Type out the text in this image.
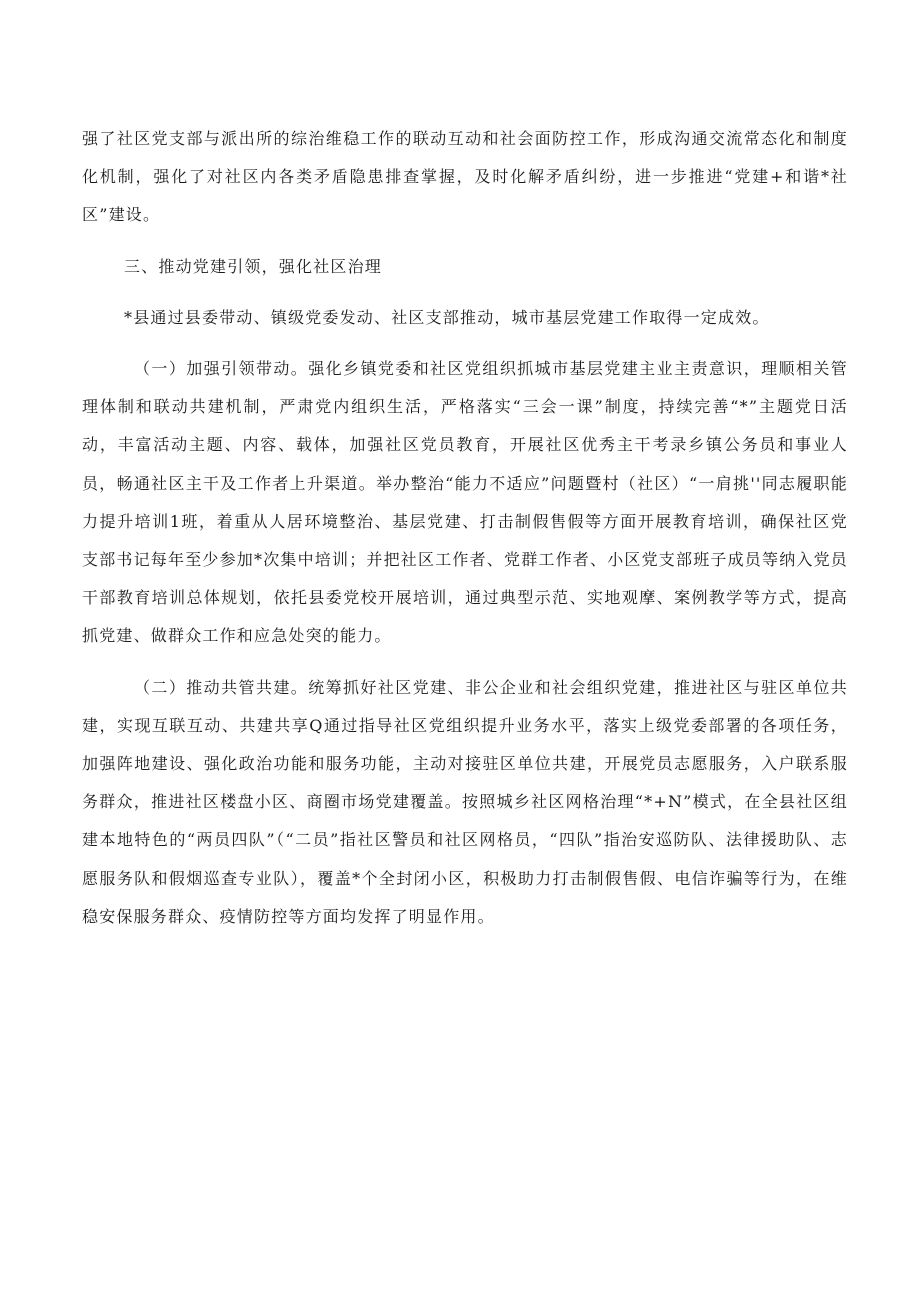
强了社区党支部与派出所的综治维稳工作的联动互动和社会面防控工作，形成沟通交流常态化和制度化机制，强化了对社区内各类矛盾隐患排查掌握，及时化解矛盾纠纷，进一步推进“党建+和谐*社区”建设。

三、推动党建引领，强化社区治理

*县通过县委带动、镇级党委发动、社区支部推动，城市基层党建工作取得一定成效。

（一）加强引领带动。强化乡镇党委和社区党组织抓城市基层党建主业主责意识，理顺相关管理体制和联动共建机制，严肃党内组织生活，严格落实“三会一课”制度，持续完善“*”主题党日活动，丰富活动主题、内容、载体，加强社区党员教育，开展社区优秀主干考录乡镇公务员和事业人员，畅通社区主干及工作者上升渠道。举办整治“能力不适应”问题暨村（社区）“一肩挑''同志履职能力提升培训1班，着重从人居环境整治、基层党建、打击制假售假等方面开展教育培训，确保社区党支部书记每年至少参加*次集中培训；并把社区工作者、党群工作者、小区党支部班子成员等纳入党员干部教育培训总体规划，依托县委党校开展培训，通过典型示范、实地观摩、案例教学等方式，提高抓党建、做群众工作和应急处突的能力。

（二）推动共管共建。统筹抓好社区党建、非公企业和社会组织党建，推进社区与驻区单位共建，实现互联互动、共建共享Q通过指导社区党组织提升业务水平，落实上级党委部署的各项任务，加强阵地建设、强化政治功能和服务功能，主动对接驻区单位共建，开展党员志愿服务，入户联系服务群众，推进社区楼盘小区、商圈市场党建覆盖。按照城乡社区网格治理“*+N”模式，在全县社区组建本地特色的“两员四队”（“二员”指社区警员和社区网格员，“四队”指治安巡防队、法律援助队、志愿服务队和假烟巡查专业队），覆盖*个全封闭小区，积极助力打击制假售假、电信诈骗等行为，在维稳安保服务群众、疫情防控等方面均发挥了明显作用。
